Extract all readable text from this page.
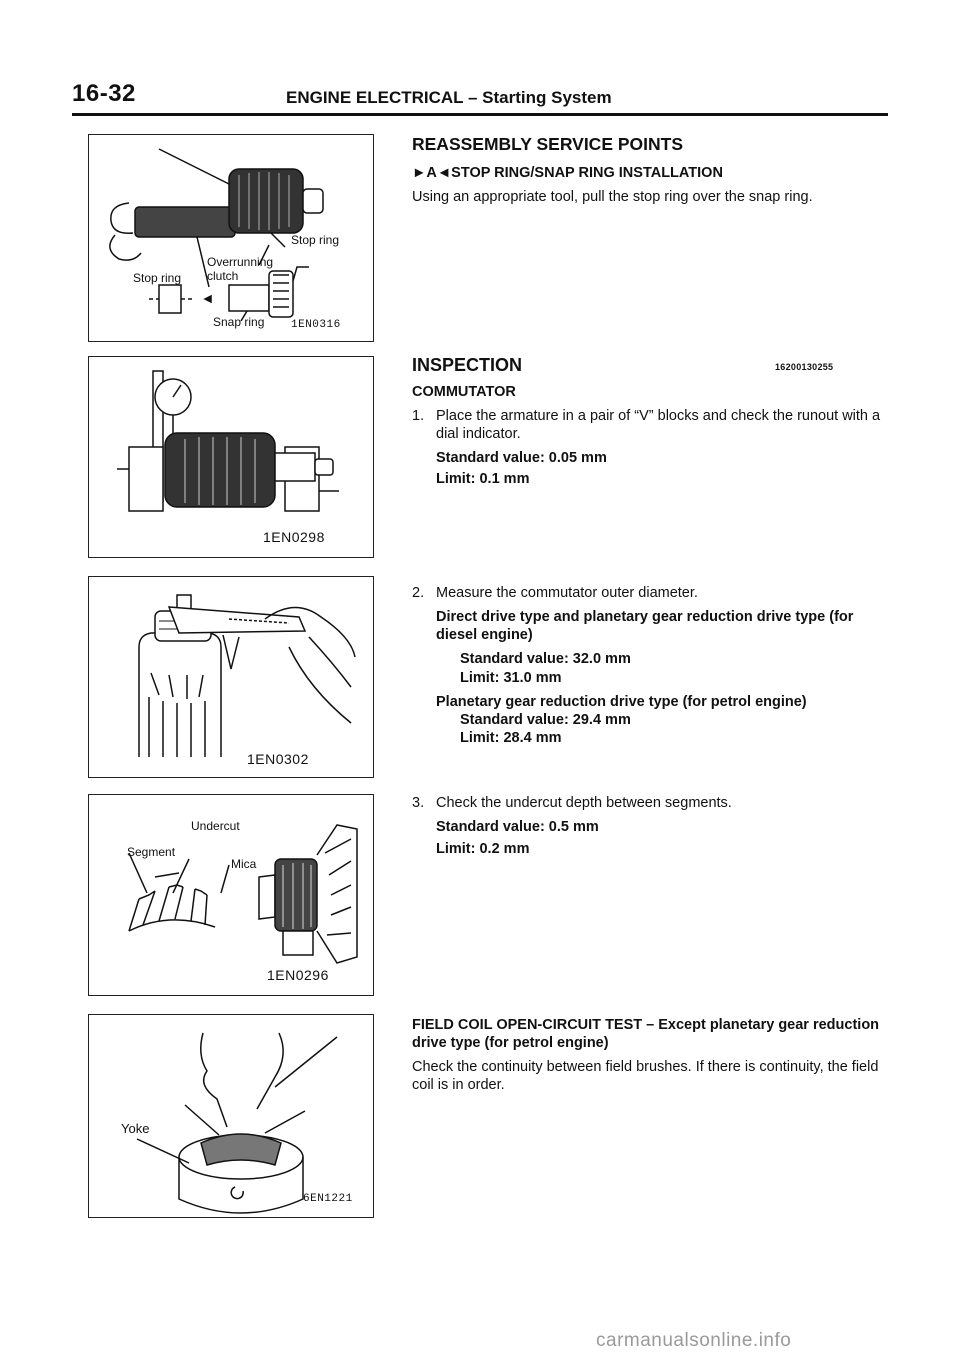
16-32	ENGINE ELECTRICAL – Starting System
Stop ring
Overrunning
Stop ring clutch
Snap ring 1EN0316
1EN0298
1EN0302
Undercut
Segment
Mica
1EN0296
Yoke
6EN1221
REASSEMBLY SERVICE POINTS
►A◄STOP RING/SNAP RING INSTALLATION

Using an appropriate tool, pull the stop ring over the snap ring.

INSPECTION
COMMUTATOR
1. Place the armature in a pair of “V” blocks and check the runout with a dial indicator.

Standard value: 0.05 mm

Limit: 0.1 mm

16200130255
2. Measure the commutator outer diameter.

Direct drive type and planetary gear reduction drive type (for diesel engine)

Standard value: 32.0 mm

Limit: 31.0 mm

Planetary gear reduction drive type (for petrol engine)

Standard value: 29.4 mm

Limit: 28.4 mm

3. Check the undercut depth between segments.

Standard value: 0.5 mm

Limit: 0.2 mm

FIELD COIL OPEN-CIRCUIT TEST – Except planetary gear reduction drive type (for petrol engine)

Check the continuity between field brushes. If there is continuity, the field coil is in order.

carmanualsonline.info
